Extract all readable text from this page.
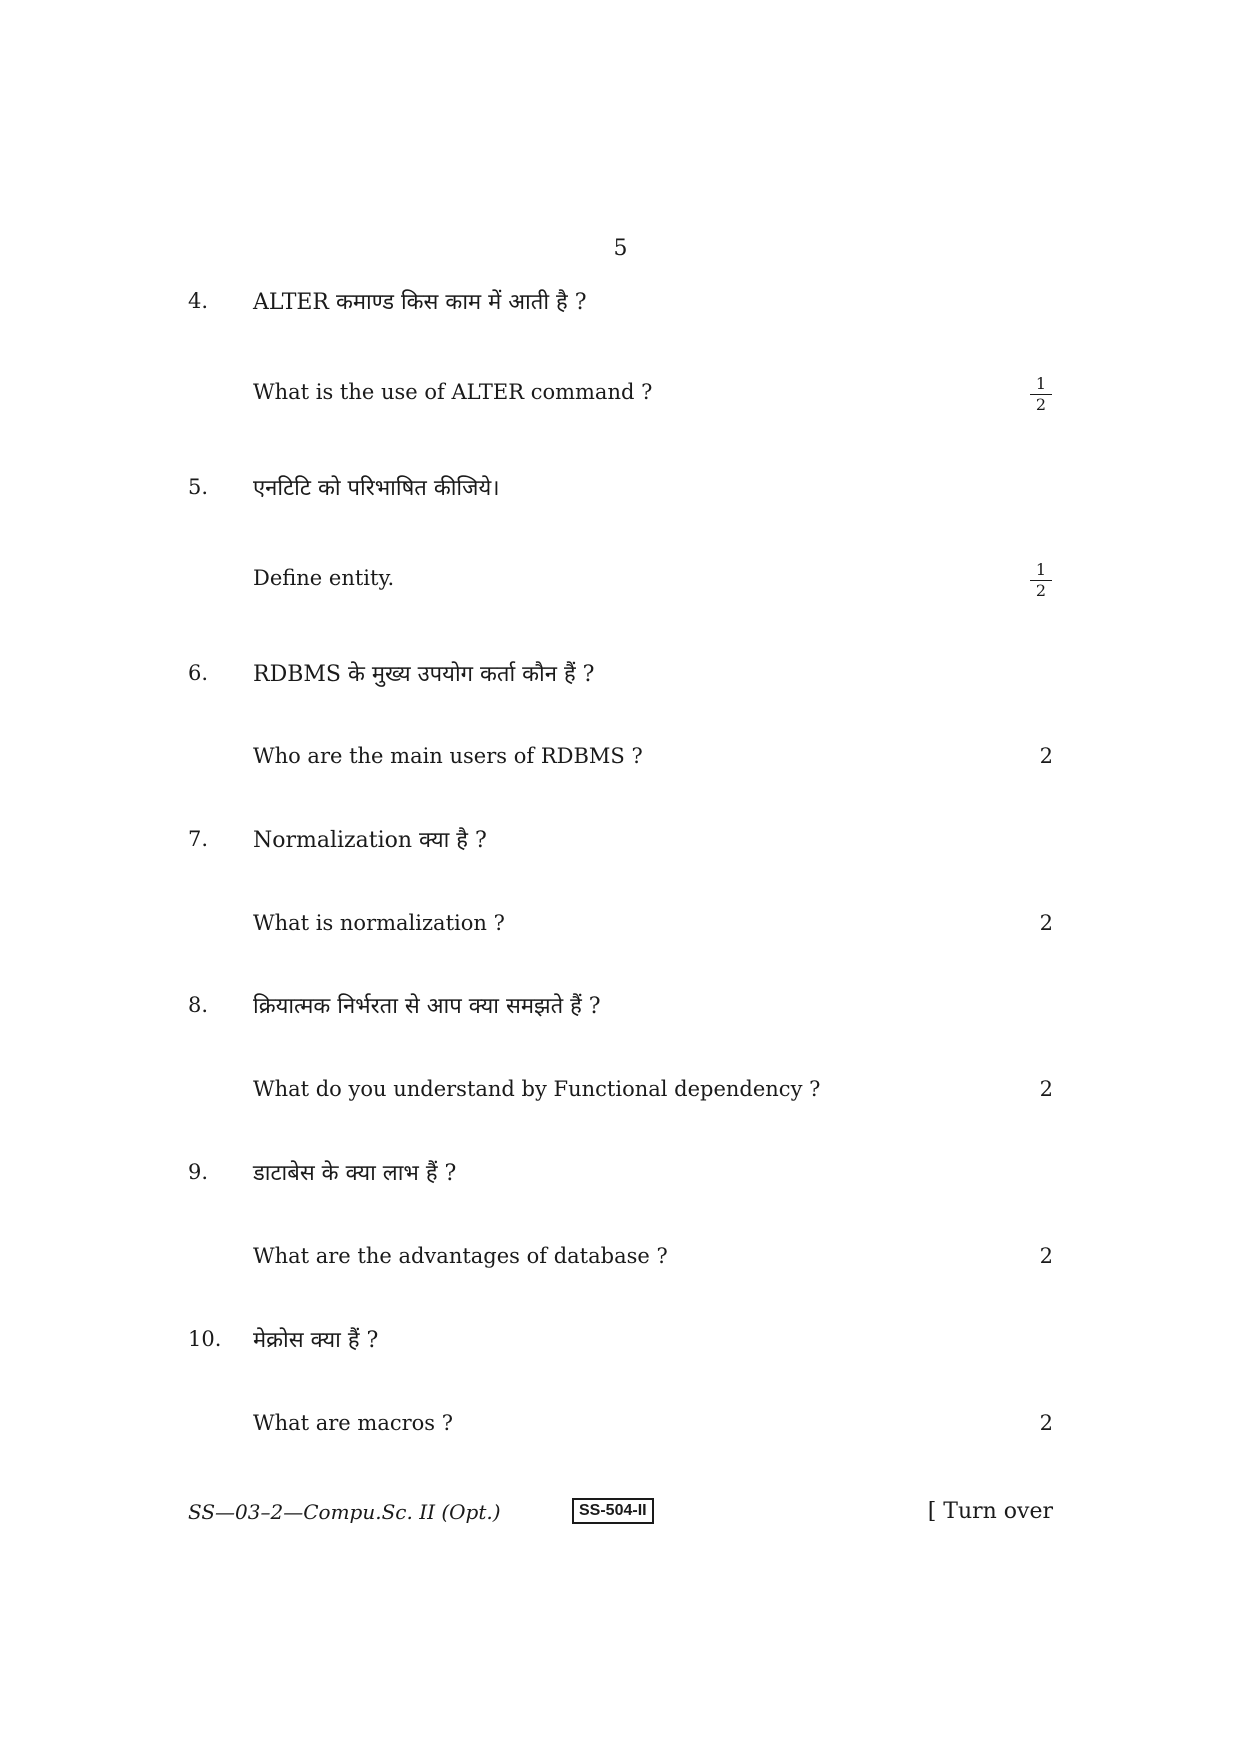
5
4. ALTER कमाण्ड किस काम में आती है ?
What is the use of ALTER command ?	$\frac{1}{2}$
5. एनटिटि को परिभाषित कीजिये।
Define entity.	$\frac{1}{2}$
6. RDBMS के मुख्य उपयोग कर्ता कौन हैं ?
Who are the main users of RDBMS ?	2
7. Normalization क्या है ?
What is normalization ?	2
8. क्रियात्मक निर्भरता से आप क्या समझते हैं ?
What do you understand by Functional dependency ?	2
9. डाटाबेस के क्या लाभ हैं ?
What are the advantages of database ?	2
10. मेक्रोस क्या हैं ?
What are macros ?	2
SS—03–2—Compu.Sc. II (Opt.)	SS-504-II	[ Turn over
